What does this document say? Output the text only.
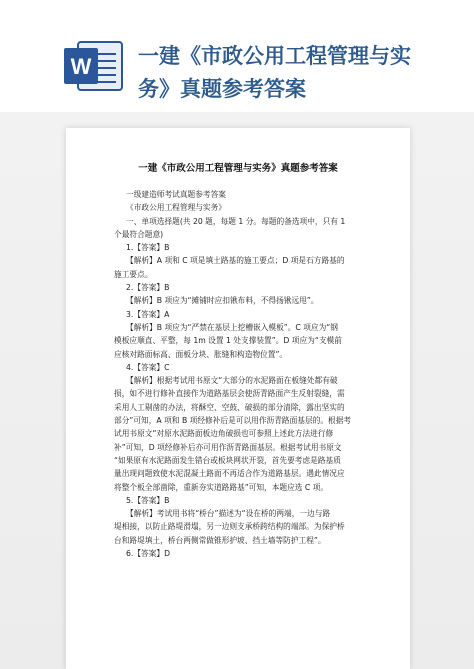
W 一建《市政公用工程管理与实
务》真题参考答案
一建《市政公用工程管理与实务》真题参考答案

一级建造师考试真题参考答案

《市政公用工程管理与实务》

一、单项选择题(共 20 题，每题 1 分。每题的备选项中，只有 1

个最符合题意)

1.【答案】B

【解析】A 项和 C 项是填土路基的施工要点；D 项是石方路基的

施工要点。

2.【答案】B

【解析】B 项应为“摊铺时应扣锹布料，不得扬锹远甩”。

3.【答案】A

【解析】B 项应为“严禁在基层上挖槽嵌入模板”。C 项应为“钢

模板应顺直、平整，每 1m 设置 1 处支撑装置”。D 项应为“支模前

应核对路面标高、面板分块、胀缝和构造物位置”。

4.【答案】C

【解析】根据考试用书原文“大部分的水泥路面在板缝处都有破

损，如不进行修补直接作为道路基层会使沥青路面产生反射裂缝，需

采用人工剔凿的办法，将酥空、空鼓、破损的部分清除，露出坚实的

部分”可知，A 项和 B 项经修补后是可以用作沥青路面基层的。根据考

试用书原文“对原水泥路面板边角破损也可参照上述此方法进行修

补”可知，D 项经修补后亦可用作沥青路面基层。根据考试用书原文

“如果原有水泥路面发生错台或板块网状开裂，首先要考虑是路基质

量出现问题致使水泥混凝土路面不再适合作为道路基层。遇此情况应

将整个板全部凿除，重新夯实道路路基”可知，本题应选 C 项。

5.【答案】B

【解析】考试用书将“桥台”描述为“设在桥的两端，一边与路

堤相接，以防止路堤滑塌，另一边则支承桥跨结构的端部。为保护桥

台和路堤填土，桥台两侧常做锥形护坡、挡土墙等防护工程”。

6.【答案】D
